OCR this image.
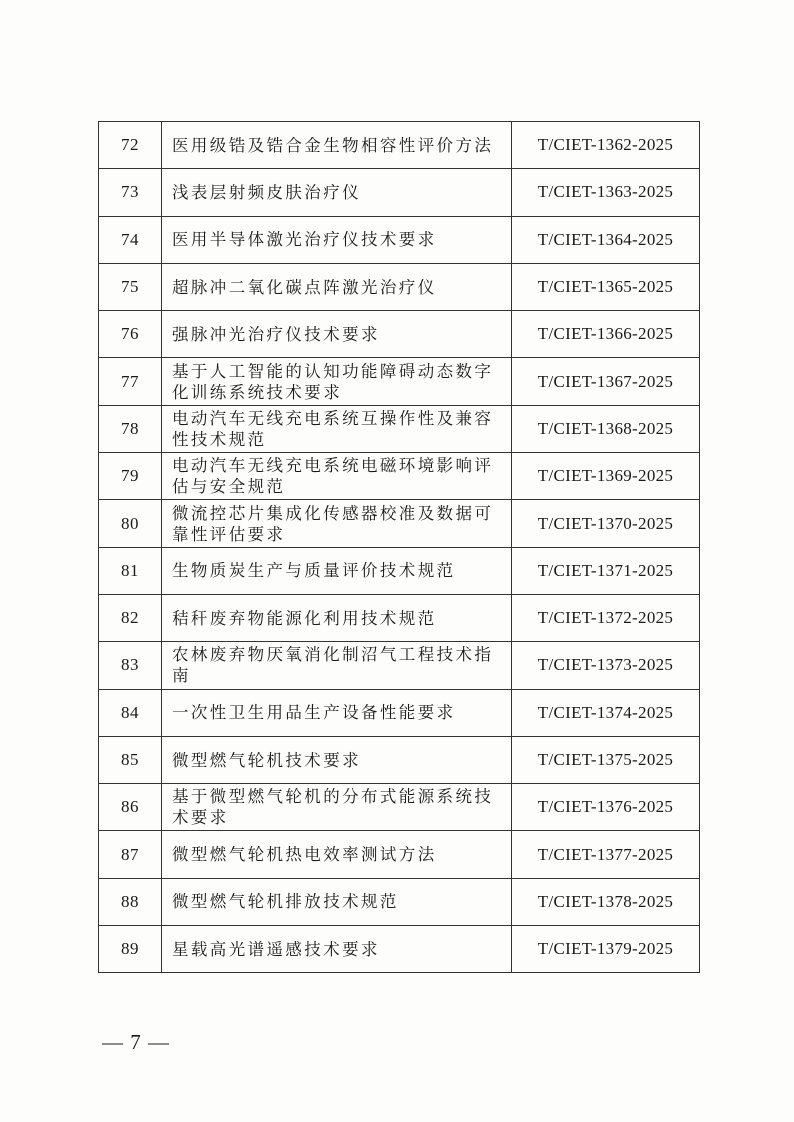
72	医用级锆及锆合金生物相容性评价方法	T/CIET-1362-2025
73	浅表层射频皮肤治疗仪	T/CIET-1363-2025
74	医用半导体激光治疗仪技术要求	T/CIET-1364-2025
75	超脉冲二氧化碳点阵激光治疗仪	T/CIET-1365-2025
76	强脉冲光治疗仪技术要求	T/CIET-1366-2025
77	基于人工智能的认知功能障碍动态数字化训练系统技术要求	T/CIET-1367-2025
78	电动汽车无线充电系统互操作性及兼容性技术规范	T/CIET-1368-2025
79	电动汽车无线充电系统电磁环境影响评估与安全规范	T/CIET-1369-2025
80	微流控芯片集成化传感器校准及数据可靠性评估要求	T/CIET-1370-2025
81	生物质炭生产与质量评价技术规范	T/CIET-1371-2025
82	秸秆废弃物能源化利用技术规范	T/CIET-1372-2025
83	农林废弃物厌氧消化制沼气工程技术指南	T/CIET-1373-2025
84	一次性卫生用品生产设备性能要求	T/CIET-1374-2025
85	微型燃气轮机技术要求	T/CIET-1375-2025
86	基于微型燃气轮机的分布式能源系统技术要求	T/CIET-1376-2025
87	微型燃气轮机热电效率测试方法	T/CIET-1377-2025
88	微型燃气轮机排放技术规范	T/CIET-1378-2025
89	星载高光谱遥感技术要求	T/CIET-1379-2025
— 7 —
